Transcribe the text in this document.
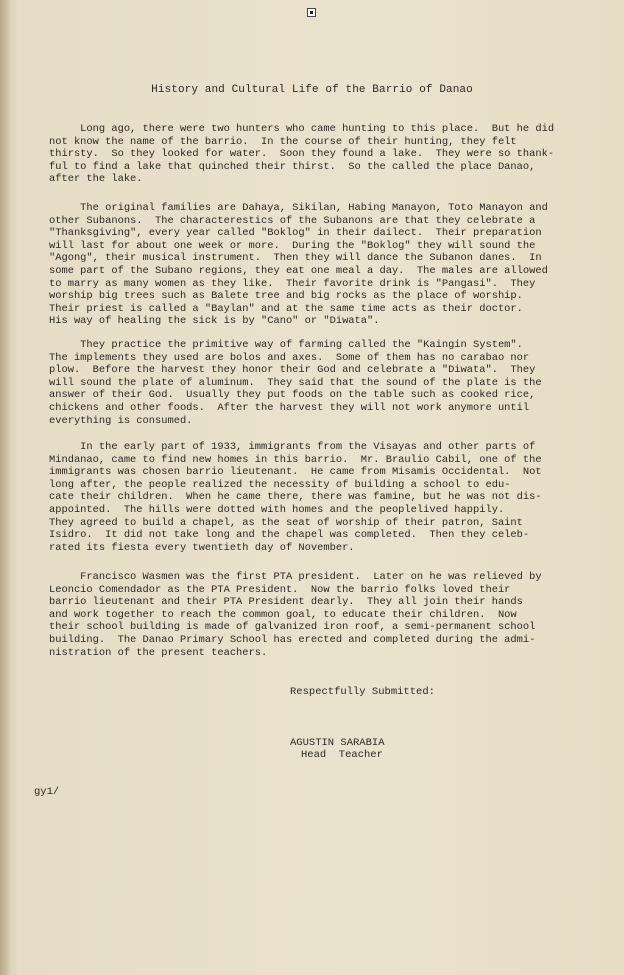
History and Cultural Life of the Barrio of Danao

Long ago, there were two hunters who came hunting to this place.  But he did
not know the name of the barrio.  In the course of their hunting, they felt
thirsty.  So they looked for water.  Soon they found a lake.  They were so thank-
ful to find a lake that quinched their thirst.  So the called the place Danao,
after the lake.

The original families are Dahaya, Sikilan, Habing Manayon, Toto Manayon and
other Subanons.  The characterestics of the Subanons are that they celebrate a
"Thanksgiving", every year called "Boklog" in their dailect.  Their preparation
will last for about one week or more.  During the "Boklog" they will sound the
"Agong", their musical instrument.  Then they will dance the Subanon danes.  In
some part of the Subano regions, they eat one meal a day.  The males are allowed
to marry as many women as they like.  Their favorite drink is "Pangasi".  They
worship big trees such as Balete tree and big rocks as the place of worship.
Their priest is called a "Baylan" and at the same time acts as their doctor.
His way of healing the sick is by "Cano" or "Diwata".

They practice the primitive way of farming called the "Kaingin System".
The implements they used are bolos and axes.  Some of them has no carabao nor
plow.  Before the harvest they honor their God and celebrate a "Diwata".  They
will sound the plate of aluminum.  They said that the sound of the plate is the
answer of their God.  Usually they put foods on the table such as cooked rice,
chickens and other foods.  After the harvest they will not work anymore until
everything is consumed.

In the early part of 1933, immigrants from the Visayas and other parts of
Mindanao, came to find new homes in this barrio.  Mr. Braulio Cabil, one of the
immigrants was chosen barrio lieutenant.  He came from Misamis Occidental.  Not
long after, the people realized the necessity of building a school to edu-
cate their children.  When he came there, there was famine, but he was not dis-
appointed.  The hills were dotted with homes and the peoplelived happily.
They agreed to build a chapel, as the seat of worship of their patron, Saint
Isidro.  It did not take long and the chapel was completed.  Then they celeb-
rated its fiesta every twentieth day of November.

Francisco Wasmen was the first PTA president.  Later on he was relieved by
Leoncio Comendador as the PTA President.  Now the barrio folks loved their
barrio lieutenant and their PTA President dearly.  They all join their hands
and work together to reach the common goal, to educate their children.  Now
their school building is made of galvanized iron roof, a semi-permanent school
building.  The Danao Primary School has erected and completed during the admi-
nistration of the present teachers.

Respectfully Submitted:
AGUSTIN SARABIA
Head  Teacher
gy1/
